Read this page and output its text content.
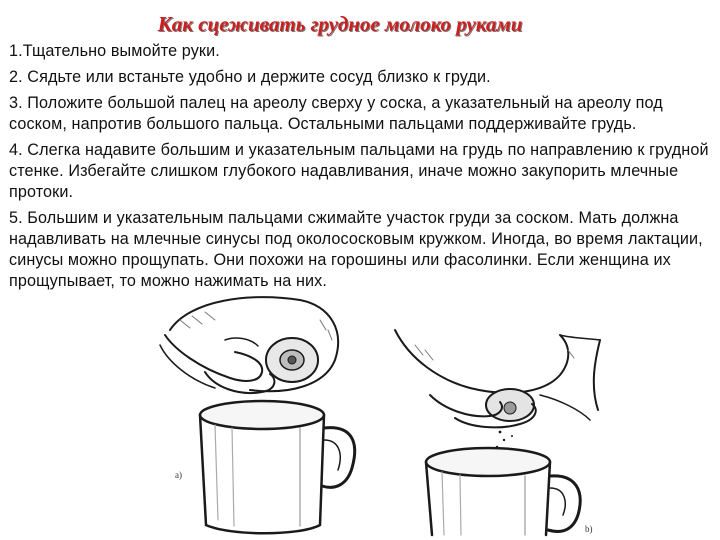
Как сцеживать грудное молоко руками

1.Тщательно вымойте руки.

2. Сядьте или встаньте удобно и держите сосуд близко к груди.

3. Положите большой палец на ареолу сверху у соска, а указательный на ареолу под соском, напротив большого пальца. Остальными пальцами поддерживайте грудь.

4. Слегка надавите большим и указательным пальцами на грудь по направлению к грудной стенке. Избегайте слишком глубокого надавливания, иначе можно закупорить млечные протоки.

5. Большим и указательным пальцами сжимайте участок груди за соском. Мать должна надавливать на млечные синусы под околососковым кружком. Иногда, во время лактации, синусы можно прощупать. Они похожи на горошины или фасолинки. Если женщина их прощупывает, то можно нажимать на них.

а)
b)
